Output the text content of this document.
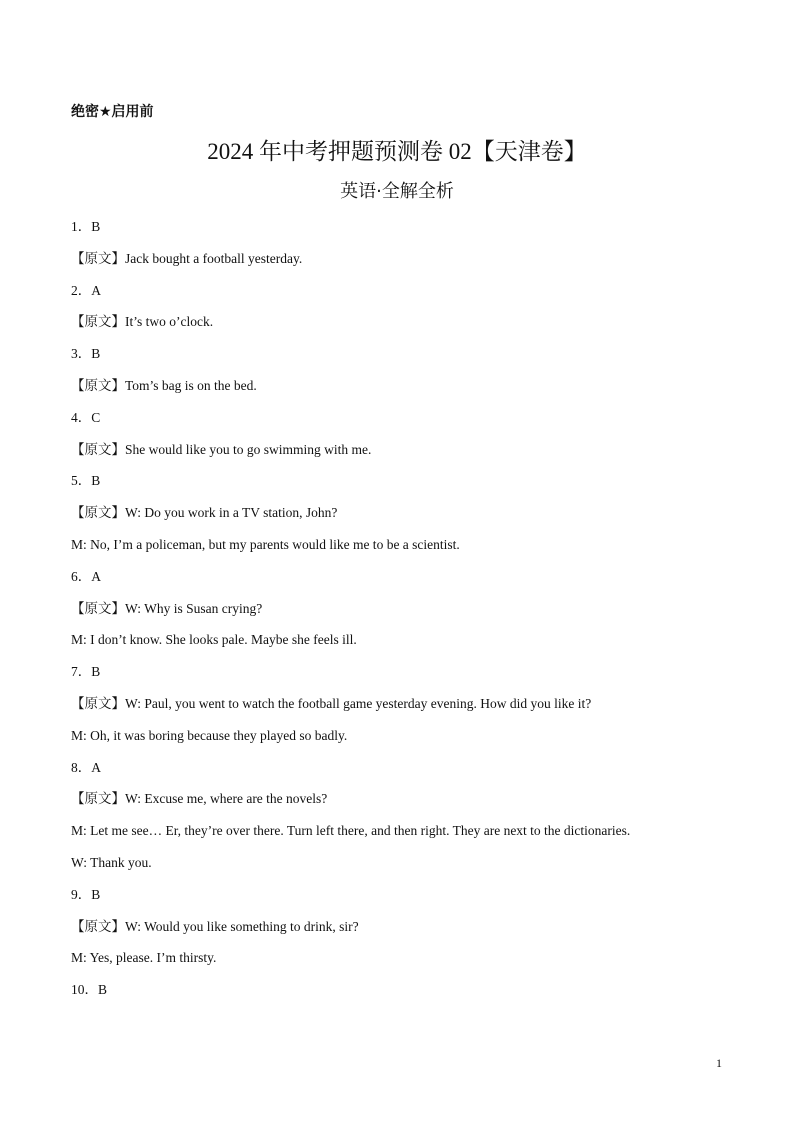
绝密★启用前
2024 年中考押题预测卷 02【天津卷】
英语·全解全析
1．B
【原文】Jack bought a football yesterday.
2．A
【原文】It’s two o’clock.
3．B
【原文】Tom’s bag is on the bed.
4．C
【原文】She would like you to go swimming with me.
5．B
【原文】W: Do you work in a TV station, John?
M: No, I’m a policeman, but my parents would like me to be a scientist.
6．A
【原文】W: Why is Susan crying?
M: I don’t know. She looks pale. Maybe she feels ill.
7．B
【原文】W: Paul, you went to watch the football game yesterday evening. How did you like it?
M: Oh, it was boring because they played so badly.
8．A
【原文】W: Excuse me, where are the novels?
M: Let me see… Er, they’re over there. Turn left there, and then right. They are next to the dictionaries.
W: Thank you.
9．B
【原文】W: Would you like something to drink, sir?
M: Yes, please. I’m thirsty.
10．B
1
